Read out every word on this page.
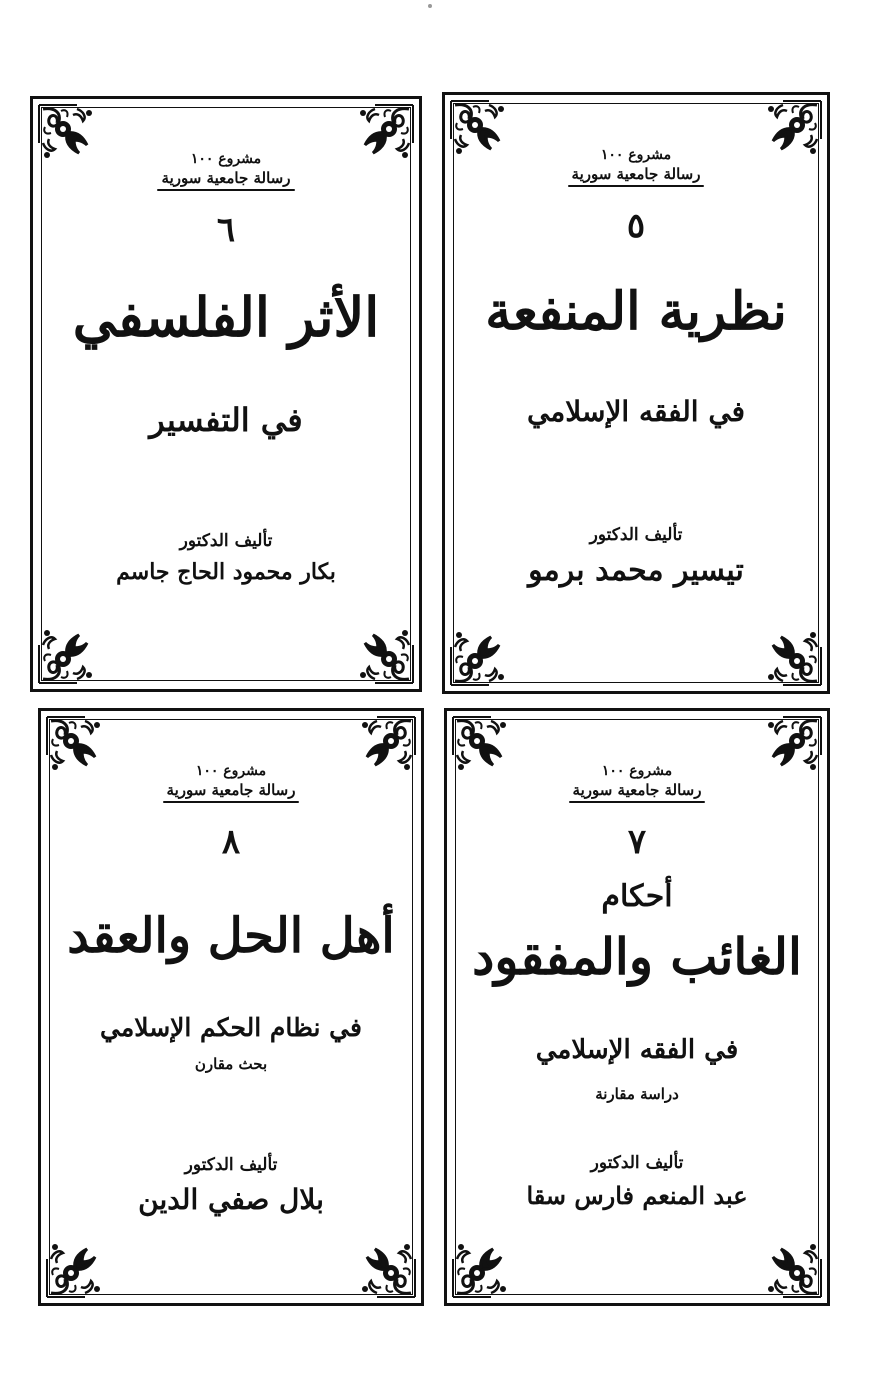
مشروع ١٠٠
رسالة جامعية سورية
٥
نظرية المنفعة
في الفقه الإسلامي
تأليف الدكتور
تيسير محمد برمو
مشروع ١٠٠
رسالة جامعية سورية
٦
الأثر الفلسفي
في التفسير
تأليف الدكتور
بكار محمود الحاج جاسم
مشروع ١٠٠
رسالة جامعية سورية
٧
أحكام
الغائب والمفقود
في الفقه الإسلامي
دراسة مقارنة
تأليف الدكتور
عبد المنعم فارس سقا
مشروع ١٠٠
رسالة جامعية سورية
٨
أهل الحل والعقد
في نظام الحكم الإسلامي
بحث مقارن
تأليف الدكتور
بلال صفي الدين
